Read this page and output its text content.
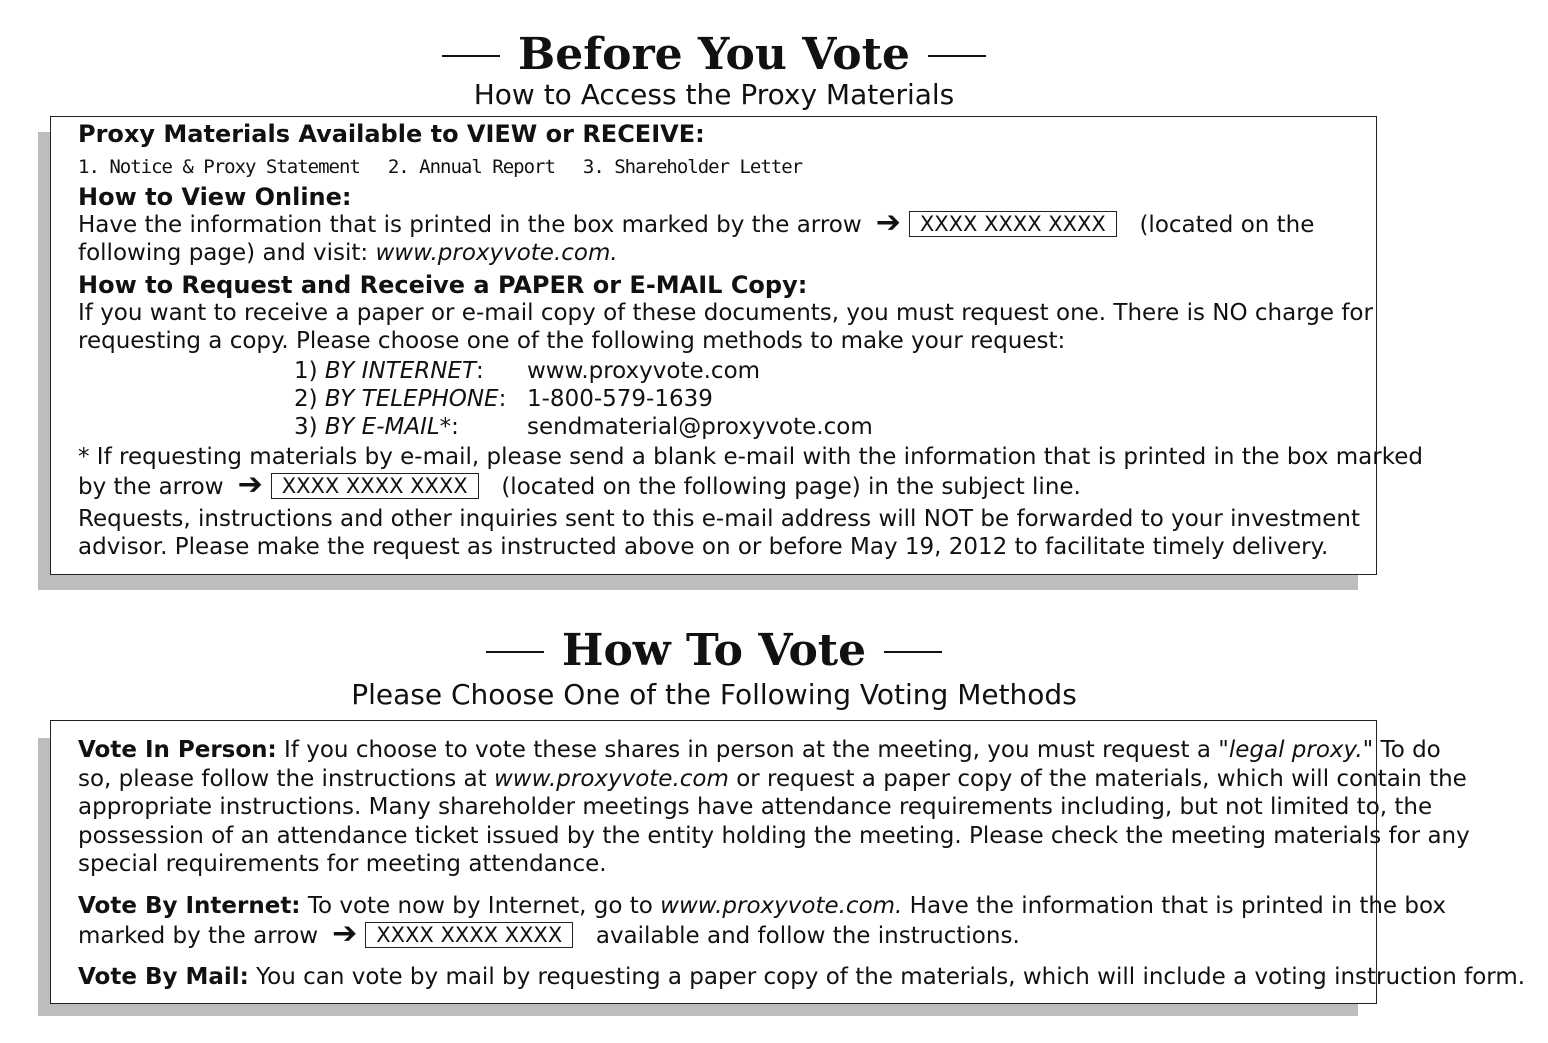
Before You Vote
How to Access the Proxy Materials
Proxy Materials Available to VIEW or RECEIVE:
1. Notice & Proxy Statement 2. Annual Report 3. Shareholder Letter
How to View Online:
Have the information that is printed in the box marked by the arrow ➔ XXXX XXXX XXXX (located on the
following page) and visit: www.proxyvote.com.
How to Request and Receive a PAPER or E-MAIL Copy:
If you want to receive a paper or e-mail copy of these documents, you must request one. There is NO charge for
requesting a copy. Please choose one of the following methods to make your request:
1) BY INTERNET: www.proxyvote.com
2) BY TELEPHONE: 1-800-579-1639
3) BY E-MAIL*:	sendmaterial@proxyvote.com
* If requesting materials by e-mail, please send a blank e-mail with the information that is printed in the box marked
by the arrow ➔ XXXX XXXX XXXX (located on the following page) in the subject line.
Requests, instructions and other inquiries sent to this e-mail address will NOT be forwarded to your investment
advisor. Please make the request as instructed above on or before May 19, 2012 to facilitate timely delivery.
How To Vote
Please Choose One of the Following Voting Methods
Vote In Person: If you choose to vote these shares in person at the meeting, you must request a "legal proxy." To do
so, please follow the instructions at www.proxyvote.com or request a paper copy of the materials, which will contain the
appropriate instructions. Many shareholder meetings have attendance requirements including, but not limited to, the
possession of an attendance ticket issued by the entity holding the meeting. Please check the meeting materials for any
special requirements for meeting attendance.
Vote By Internet: To vote now by Internet, go to www.proxyvote.com. Have the information that is printed in the box
marked by the arrow ➔ XXXX XXXX XXXX available and follow the instructions.
Vote By Mail: You can vote by mail by requesting a paper copy of the materials, which will include a voting instruction form.
